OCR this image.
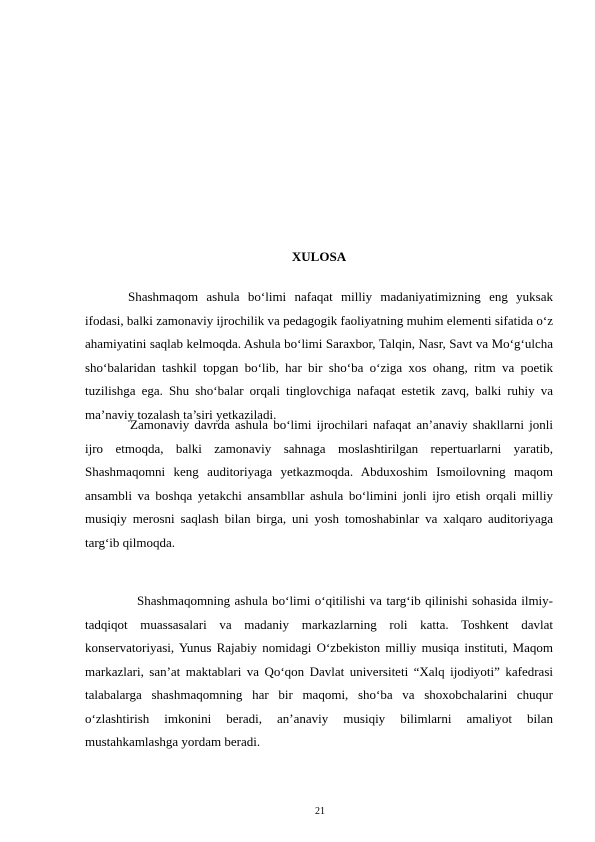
XULOSA

Shashmaqom ashula bo‘limi nafaqat milliy madaniyatimizning eng yuksak ifodasi, balki zamonaviy ijrochilik va pedagogik faoliyatning muhim elementi sifatida o‘z ahamiyatini saqlab kelmoqda. Ashula bo‘limi Saraxbor, Talqin, Nasr, Savt va Mo‘g‘ulcha sho‘balaridan tashkil topgan bo‘lib, har bir sho‘ba o‘ziga xos ohang, ritm va poetik tuzilishga ega. Shu sho‘balar orqali tinglovchiga nafaqat estetik zavq, balki ruhiy va ma’naviy tozalash ta’siri yetkaziladi.

Zamonaviy davrda ashula bo‘limi ijrochilari nafaqat an’anaviy shakllarni jonli ijro etmoqda, balki zamonaviy sahnaga moslashtirilgan repertuarlarni yaratib, Shashmaqomni keng auditoriyaga yetkazmoqda. Abduxoshim Ismoilovning maqom ansambli va boshqa yetakchi ansambllar ashula bo‘limini jonli ijro etish orqali milliy musiqiy merosni saqlash bilan birga, uni yosh tomoshabinlar va xalqaro auditoriyaga targ‘ib qilmoqda.

Shashmaqomning ashula bo‘limi o‘qitilishi va targ‘ib qilinishi sohasida ilmiy-tadqiqot muassasalari va madaniy markazlarning roli katta. Toshkent davlat konservatoriyasi, Yunus Rajabiy nomidagi O‘zbekiston milliy musiqa instituti, Maqom markazlari, san’at maktablari va Qo‘qon Davlat universiteti “Xalq ijodiyoti” kafedrasi talabalarga shashmaqomning har bir maqomi, sho‘ba va shoxobchalarini chuqur o‘zlashtirish imkonini beradi, an’anaviy musiqiy bilimlarni amaliyot bilan mustahkamlashga yordam beradi.

21
